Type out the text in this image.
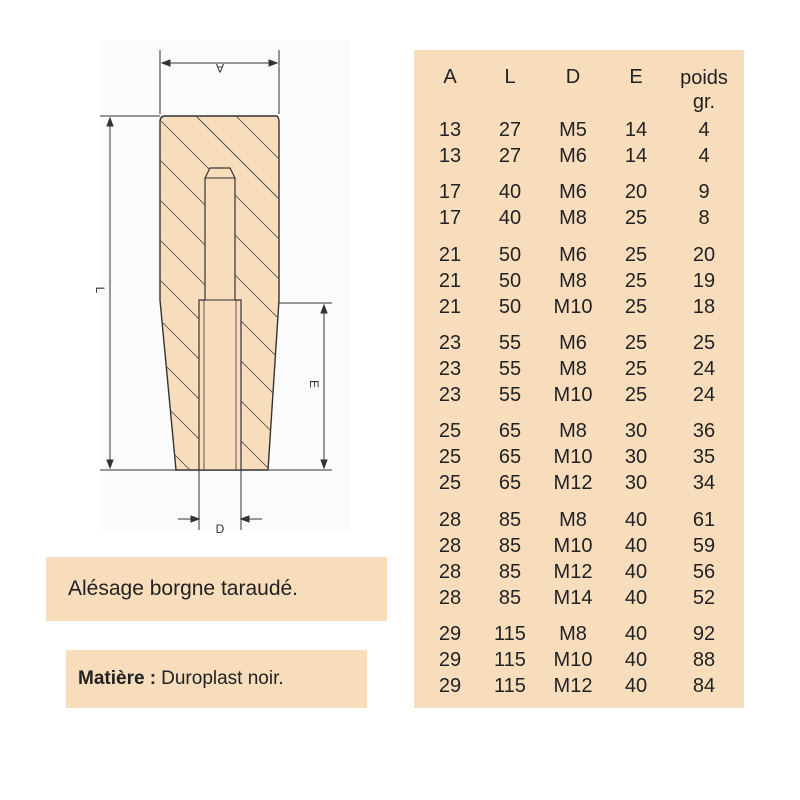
A
L
E
D
Alésage borgne taraudé.
Matière : Duroplast noir.
A	L	D	E	poids
gr.
13	27	M5	14	4
13	27	M6	14	4
17	40	M6	20	9
17	40	M8	25	8
21	50	M6	25	20
21	50	M8	25	19
21	50	M10	25	18
23	55	M6	25	25
23	55	M8	25	24
23	55	M10	25	24
25	65	M8	30	36
25	65	M10	30	35
25	65	M12	30	34
28	85	M8	40	61
28	85	M10	40	59
28	85	M12	40	56
28	85	M14	40	52
29	115	M8	40	92
29	115	M10	40	88
29	115	M12	40	84
